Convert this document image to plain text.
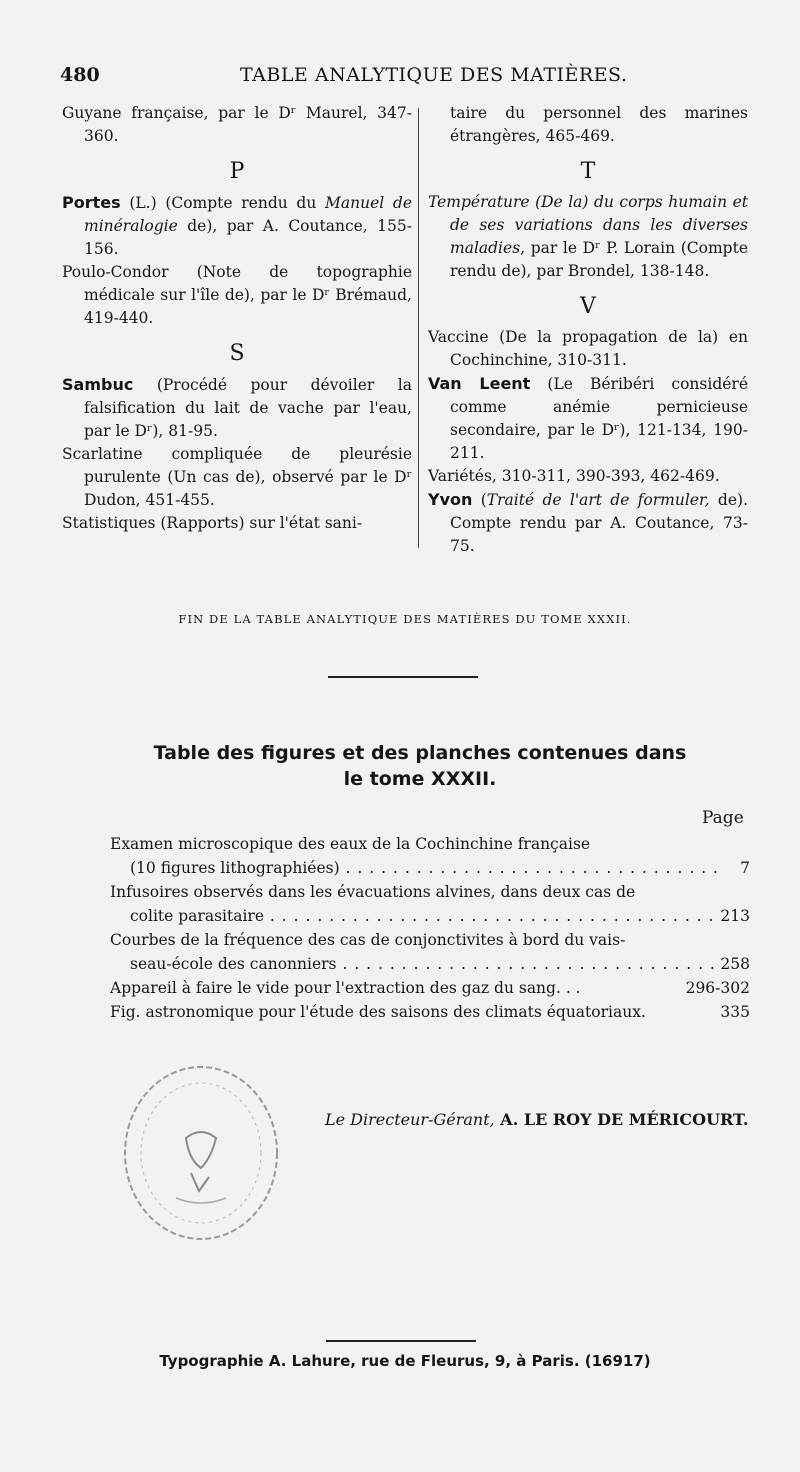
480	TABLE ANALYTIQUE DES MATIÈRES.

Guyane française, par le Dʳ Maurel, 347-360.

P

Portes (L.) (Compte rendu du Manuel de minéralogie de), par A. Coutance, 155-156.

Poulo-Condor (Note de topographie médicale sur l'île de), par le Dʳ Brémaud, 419-440.

S

Sambuc (Procédé pour dévoiler la falsification du lait de vache par l'eau, par le Dʳ), 81-95.

Scarlatine compliquée de pleurésie purulente (Un cas de), observé par le Dʳ Dudon, 451-455.

Statistiques (Rapports) sur l'état sani-

taire du personnel des marines étrangères, 465-469.

T

Température (De la) du corps humain et de ses variations dans les diverses maladies, par le Dʳ P. Lorain (Compte rendu de), par Brondel, 138-148.

V

Vaccine (De la propagation de la) en Cochinchine, 310-311.

Van Leent (Le Béribéri considéré comme anémie pernicieuse secondaire, par le Dʳ), 121-134, 190-211.

Variétés, 310-311, 390-393, 462-469.

Yvon (Traité de l'art de formuler, de). Compte rendu par A. Coutance, 73-75.

FIN DE LA TABLE ANALYTIQUE DES MATIÈRES DU TOME XXXII.
Table des figures et des planches contenues dans
le tome XXXII.
Page
Examen microscopique des eaux de la Cochinchine française
(10 figures lithographiées) . . .	7
Infusoires observés dans les évacuations alvines, dans deux cas de
colite parasitaire . . .	213
Courbes de la fréquence des cas de conjonctivites à bord du vais-
seau-école des canonniers . . .	258
Appareil à faire le vide pour l'extraction des gaz du sang. . .	296-302
Fig. astronomique pour l'étude des saisons des climats équatoriaux.	335
Le Directeur-Gérant, A. LE ROY DE MÉRICOURT.
Typographie A. Lahure, rue de Fleurus, 9, à Paris. (16917)
